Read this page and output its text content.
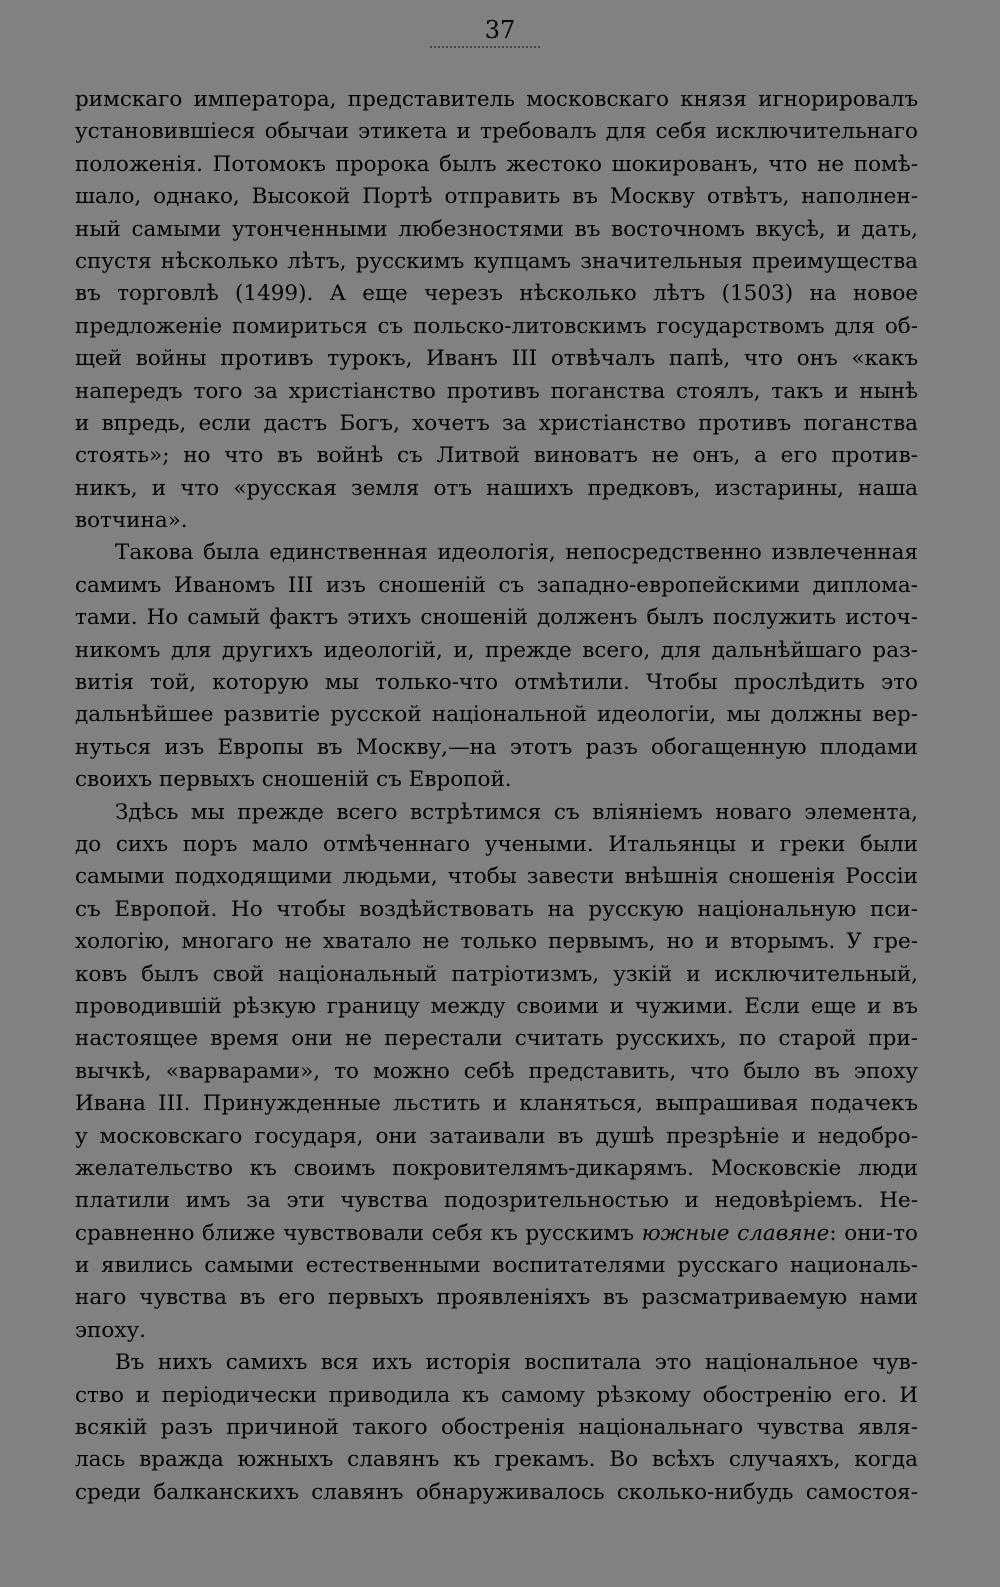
37
римскаго императора, представитель московскаго князя игнорировалъ
установившіеся обычаи этикета и требовалъ для себя исключительнаго
положенія. Потомокъ пророка былъ жестоко шокированъ, что не помѣ-
шало, однако, Высокой Портѣ отправить въ Москву отвѣтъ, наполнен-
ный самыми утонченными любезностями въ восточномъ вкусѣ, и дать,
спустя нѣсколько лѣтъ, русскимъ купцамъ значительныя преимущества
въ торговлѣ (1499). А еще черезъ нѣсколько лѣтъ (1503) на новое
предложеніе помириться съ польско-литовскимъ государствомъ для об-
щей войны противъ турокъ, Иванъ III отвѣчалъ папѣ, что онъ «какъ
напередъ того за христіанство противъ поганства стоялъ, такъ и нынѣ
и впредь, если дастъ Богъ, хочетъ за христіанство противъ поганства
стоять»; но что въ войнѣ съ Литвой виноватъ не онъ, а его против-
никъ, и что «русская земля отъ нашихъ предковъ, изстарины, наша
вотчина».
Такова была единственная идеологія, непосредственно извлеченная
самимъ Иваномъ III изъ сношеній съ западно-европейскими диплома-
тами. Но самый фактъ этихъ сношеній долженъ былъ послужить источ-
никомъ для другихъ идеологій, и, прежде всего, для дальнѣйшаго раз-
витія той, которую мы только-что отмѣтили. Чтобы прослѣдить это
дальнѣйшее развитіе русской національной идеологіи, мы должны вер-
нуться изъ Европы въ Москву,—на этотъ разъ обогащенную плодами
своихъ первыхъ сношеній съ Европой.
Здѣсь мы прежде всего встрѣтимся съ вліяніемъ новаго элемента,
до сихъ поръ мало отмѣченнаго учеными. Итальянцы и греки были
самыми подходящими людьми, чтобы завести внѣшнія сношенія Россіи
съ Европой. Но чтобы воздѣйствовать на русскую національную пси-
хологію, многаго не хватало не только первымъ, но и вторымъ. У гре-
ковъ былъ свой національный патріотизмъ, узкій и исключительный,
проводившій рѣзкую границу между своими и чужими. Если еще и въ
настоящее время они не перестали считать русскихъ, по старой при-
вычкѣ, «варварами», то можно себѣ представить, что было въ эпоху
Ивана III. Принужденные льстить и кланяться, выпрашивая подачекъ
у московскаго государя, они затаивали въ душѣ презрѣніе и недобро-
желательство къ своимъ покровителямъ-дикарямъ. Московскіе люди
платили имъ за эти чувства подозрительностью и недовѣріемъ. Не-
сравненно ближе чувствовали себя къ русскимъ южные славяне: они-то
и явились самыми естественными воспитателями русскаго националь-
наго чувства въ его первыхъ проявленіяхъ въ разсматриваемую нами
эпоху.
Въ нихъ самихъ вся ихъ исторія воспитала это національное чув-
ство и періодически приводила къ самому рѣзкому обостренію его. И
всякій разъ причиной такого обостренія національнаго чувства явля-
лась вражда южныхъ славянъ къ грекамъ. Во всѣхъ случаяхъ, когда
среди балканскихъ славянъ обнаруживалось сколько-нибудь самостоя-
